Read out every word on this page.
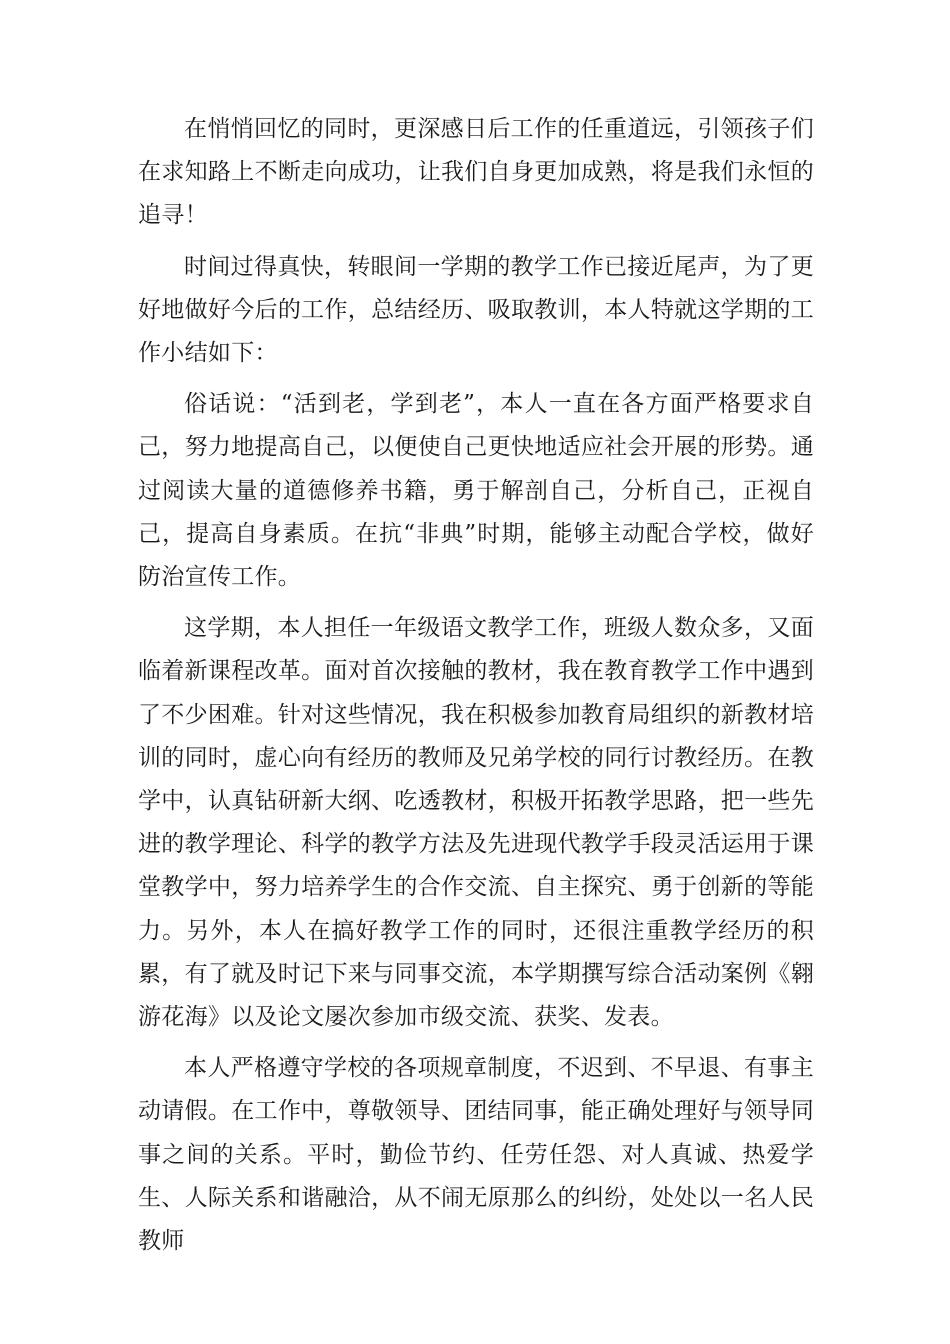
在悄悄回忆的同时，更深感日后工作的任重道远，引领孩子们在求知路上不断走向成功，让我们自身更加成熟，将是我们永恒的追寻！

时间过得真快，转眼间一学期的教学工作已接近尾声，为了更好地做好今后的工作，总结经历、吸取教训，本人特就这学期的工作小结如下：

俗话说：“活到老，学到老”，本人一直在各方面严格要求自己，努力地提高自己，以便使自己更快地适应社会开展的形势。通过阅读大量的道德修养书籍，勇于解剖自己，分析自己，正视自己，提高自身素质。在抗“非典”时期，能够主动配合学校，做好防治宣传工作。

这学期，本人担任一年级语文教学工作，班级人数众多，又面临着新课程改革。面对首次接触的教材，我在教育教学工作中遇到了不少困难。针对这些情况，我在积极参加教育局组织的新教材培训的同时，虚心向有经历的教师及兄弟学校的同行讨教经历。在教学中，认真钻研新大纲、吃透教材，积极开拓教学思路，把一些先进的教学理论、科学的教学方法及先进现代教学手段灵活运用于课堂教学中，努力培养学生的合作交流、自主探究、勇于创新的等能力。另外，本人在搞好教学工作的同时，还很注重教学经历的积累，有了就及时记下来与同事交流，本学期撰写综合活动案例《翱游花海》以及论文屡次参加市级交流、获奖、发表。

本人严格遵守学校的各项规章制度，不迟到、不早退、有事主动请假。在工作中，尊敬领导、团结同事，能正确处理好与领导同事之间的关系。平时，勤俭节约、任劳任怨、对人真诚、热爱学生、人际关系和谐融洽，从不闹无原那么的纠纷，处处以一名人民教师
